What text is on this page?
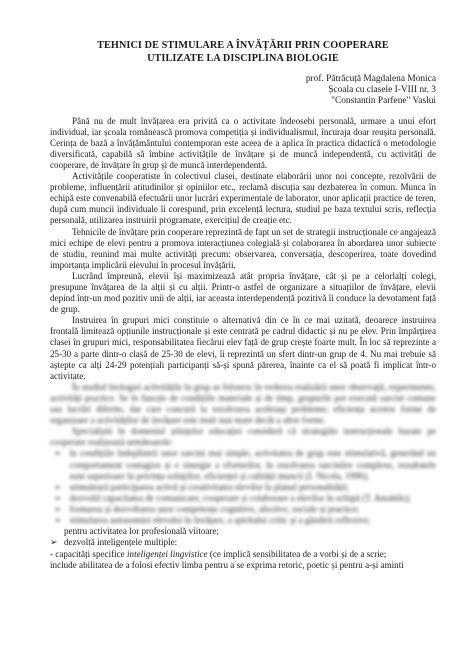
TEHNICI DE STIMULARE A ÎNVĂȚĂRII PRIN COOPERARE

UTILIZATE LA DISCIPLINA BIOLOGIE

prof. Pătrăcuță Magdalena Monica
Școala cu clasele I-VIII nr. 3
"Constantin Parfene" Vaslui

Până nu de mult învățarea era privită ca o activitate îndeosebi personală, urmare a unui efort individual, iar școala românească promova competiția și individualismul, încuraja doar reușita personală. Cerința de bază a învățământului contemporan este aceea de a aplica în practica didactică o metodologie diversificată, capabilă să îmbine activitățile de învățare și de muncă independentă, cu activități de cooperare, de învățare în grup și de muncă interdependentă.

Activitățile cooperatiste în colectivul clasei, destinate elaborării unor noi concepte, rezolvării de probleme, influențării atitudinilor și opiniilor etc., reclamă discuția sau dezbaterea în comun. Munca în echipă este convenabilă efectuării unor lucrări experimentale de laborator, unor aplicații practice de teren, după cum muncii individuale îi corespund, prin excelență lectura, studiul pe baza textului scris, reflecția personală, utilizarea instruirii programate, exercițiul de creație etc.

Tehnicile de învățare prin cooperare reprezintă de fapt un set de strategii instrucționale ce angajează mici echipe de elevi pentru a promova interacțiunea colegială și colaborarea în abordarea unor subiecte de studiu, reunind mai multe activități precum: observarea, conversația, descoperirea, toate dovedind importanța implicării elevului în procesul învățării.

Lucrând împreună, elevii își maximizează atât propria învățare, cât și pe a celorlalți colegi, presupune învățarea de la alții și cu alții. Printr-o astfel de organizare a situațiilor de învățare, elevii depind într-un mod pozitiv unii de alții, iar aceasta interdependență pozitivă îi conduce la devotament față de grup.

Instruirea în grupuri mici constituie o alternativă din ce în ce mai uzitată, deoarece instruirea frontală limitează opțiunile instrucționale și este centrată pe cadrul didactic și nu pe elev. Prin împărțirea clasei în grupuri mici, responsabilitatea fiecărui elev față de grup crește foarte mult. În loc să reprezinte a 25-30 a parte dintr-o clasă de 25-30 de elevi, îi reprezintă un sfert dintr-un grup de 4. Nu mai trebuie să aștepte ca alți 24-29 potențiali participanți să-și spună părerea, înainte ca el să poată fi implicat într-o activitate.

În studiul biologiei activitățile în grup se folosesc în vederea realizării unor observații, experimente, activități practice. Se în funcție de condițiile materiale și de timp, grupurile pot execută sarcini comune sau lucrări diferite, dar care concură la rezolvarea aceleiași probleme; eficiența acestor forme de organizare a activităților de învățare este mult mai mare decât a altor forme.

Specialiștii în domeniul științelor educației consideră că strategiile instrucționale bazate pe cooperare realizează următoarele:

➢ în condițiile îndeplinirii unor sarcini mai simple, activitatea de grup este stimulativă, generând un comportament contagios și o sinergie a eforturilor, în rezolvarea sarcinilor complexe, rezultatele sunt superioare în privința soluțiilor, eficienței și calității muncii (I. Nicola, 1996);
➢ stimulează participarea activă și creativitatea elevilor la planul personalității;
➢ dezvoltă capacitatea de comunicare, cooperare și colaborare a elevilor în echipă (T. Amabile);
➢ formarea și dezvoltarea unor competențe cognitive, afective, sociale și practice;
➢ stimularea autonomiei elevului în învățare, a spiritului critic și a gândirii reflexive;
pentru activitatea lor profesională viitoare;
➢ dezvoltă inteligențele multiple:
- capacități specifice inteligenței lingvistice (ce implică sensibilitatea de a vorbi și de a scrie;
include abilitatea de a folosi efectiv limba pentru a se exprima retoric, poetic și pentru a-și aminti
